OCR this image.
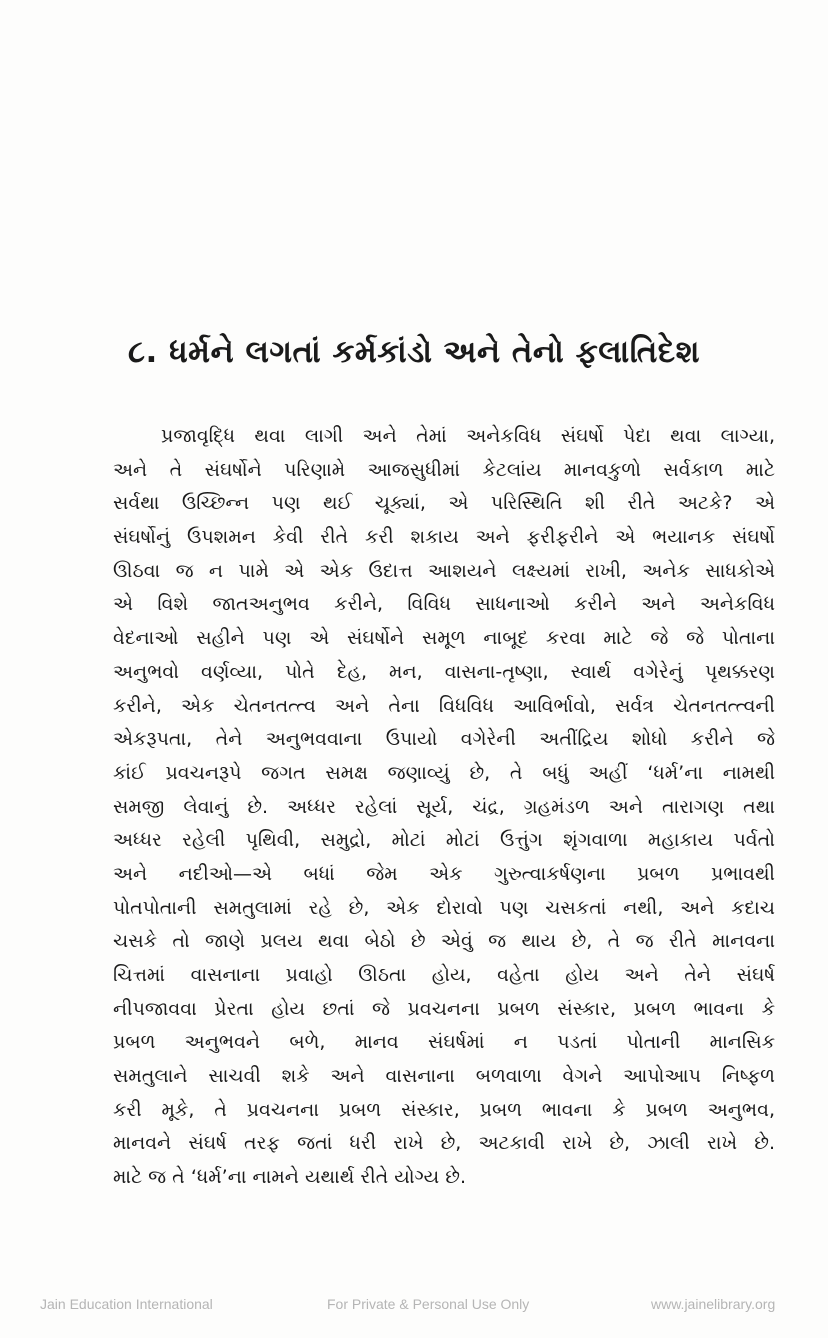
૮. ધર્મને લગતાં કર્મકાંડો અને તેનો ફલાતિદેશ
પ્રજાવૃદ્ધિ થવા લાગી અને તેમાં અનેકવિધ સંઘર્ષો પેદા થવા લાગ્યા,
અને તે સંઘર્ષોને પરિણામે આજસુધીમાં કેટલાંય માનવકુળો સર્વકાળ માટે
સર્વથા ઉચ્છિન્ન પણ થઈ ચૂક્યાં, એ પરિસ્થિતિ શી રીતે અટકે? એ
સંઘર્ષોનું ઉપશમન કેવી રીતે કરી શકાય અને ફરીફરીને એ ભયાનક સંઘર્ષો
ઊઠવા જ ન પામે એ એક ઉદાત્ત આશયને લક્ષ્યમાં રાખી, અનેક સાધકોએ
એ વિશે જાતઅનુભવ કરીને, વિવિધ સાધનાઓ કરીને અને અનેકવિધ
વેદનાઓ સહીને પણ એ સંઘર્ષોને સમૂળ નાબૂદ કરવા માટે જે જે પોતાના
અનુભવો વર્ણવ્યા, પોતે દેહ, મન, વાસના-તૃષ્ણા, સ્વાર્થ વગેરેનું પૃથક્કરણ
કરીને, એક ચેતનતત્ત્વ અને તેના વિધવિધ આવિર્ભાવો, સર્વત્ર ચેતનતત્ત્વની
એકરૂપતા, તેને અનુભવવાના ઉપાયો વગેરેની અતીંદ્રિય શોધો કરીને જે
કાંઈ પ્રવચનરૂપે જગત સમક્ષ જણાવ્યું છે, તે બધું અહીં ‘ધર્મ’ના નામથી
સમજી લેવાનું છે. અધ્ધર રહેલાં સૂર્ય, ચંદ્ર, ગ્રહમંડળ અને તારાગણ તથા
અધ્ધર રહેલી પૃથિવી, સમુદ્રો, મોટાં મોટાં ઉત્તુંગ શૃંગવાળા મહાકાય પર્વતો
અને નદીઓ—એ બધાં જેમ એક ગુરુત્વાકર્ષણના પ્રબળ પ્રભાવથી
પોતપોતાની સમતુલામાં રહે છે, એક દોરાવો પણ ચસકતાં નથી, અને કદાચ
ચસકે તો જાણે પ્રલય થવા બેઠો છે એવું જ થાય છે, તે જ રીતે માનવના
ચિત્તમાં વાસનાના પ્રવાહો ઊઠતા હોય, વહેતા હોય અને તેને સંઘર્ષ
નીપજાવવા પ્રેરતા હોય છતાં જે પ્રવચનના પ્રબળ સંસ્કાર, પ્રબળ ભાવના કે
પ્રબળ અનુભવને બળે, માનવ સંઘર્ષમાં ન પડતાં પોતાની માનસિક
સમતુલાને સાચવી શકે અને વાસનાના બળવાળા વેગને આપોઆપ નિષ્ફળ
કરી મૂકે, તે પ્રવચનના પ્રબળ સંસ્કાર, પ્રબળ ભાવના કે પ્રબળ અનુભવ,
માનવને સંઘર્ષ તરફ જતાં ધરી રાખે છે, અટકાવી રાખે છે, ઝાલી રાખે છે.
માટે જ તે ‘ધર્મ’ના નામને યથાર્થ રીતે યોગ્ય છે.
Jain Education International	For Private & Personal Use Only	www.jainelibrary.org
